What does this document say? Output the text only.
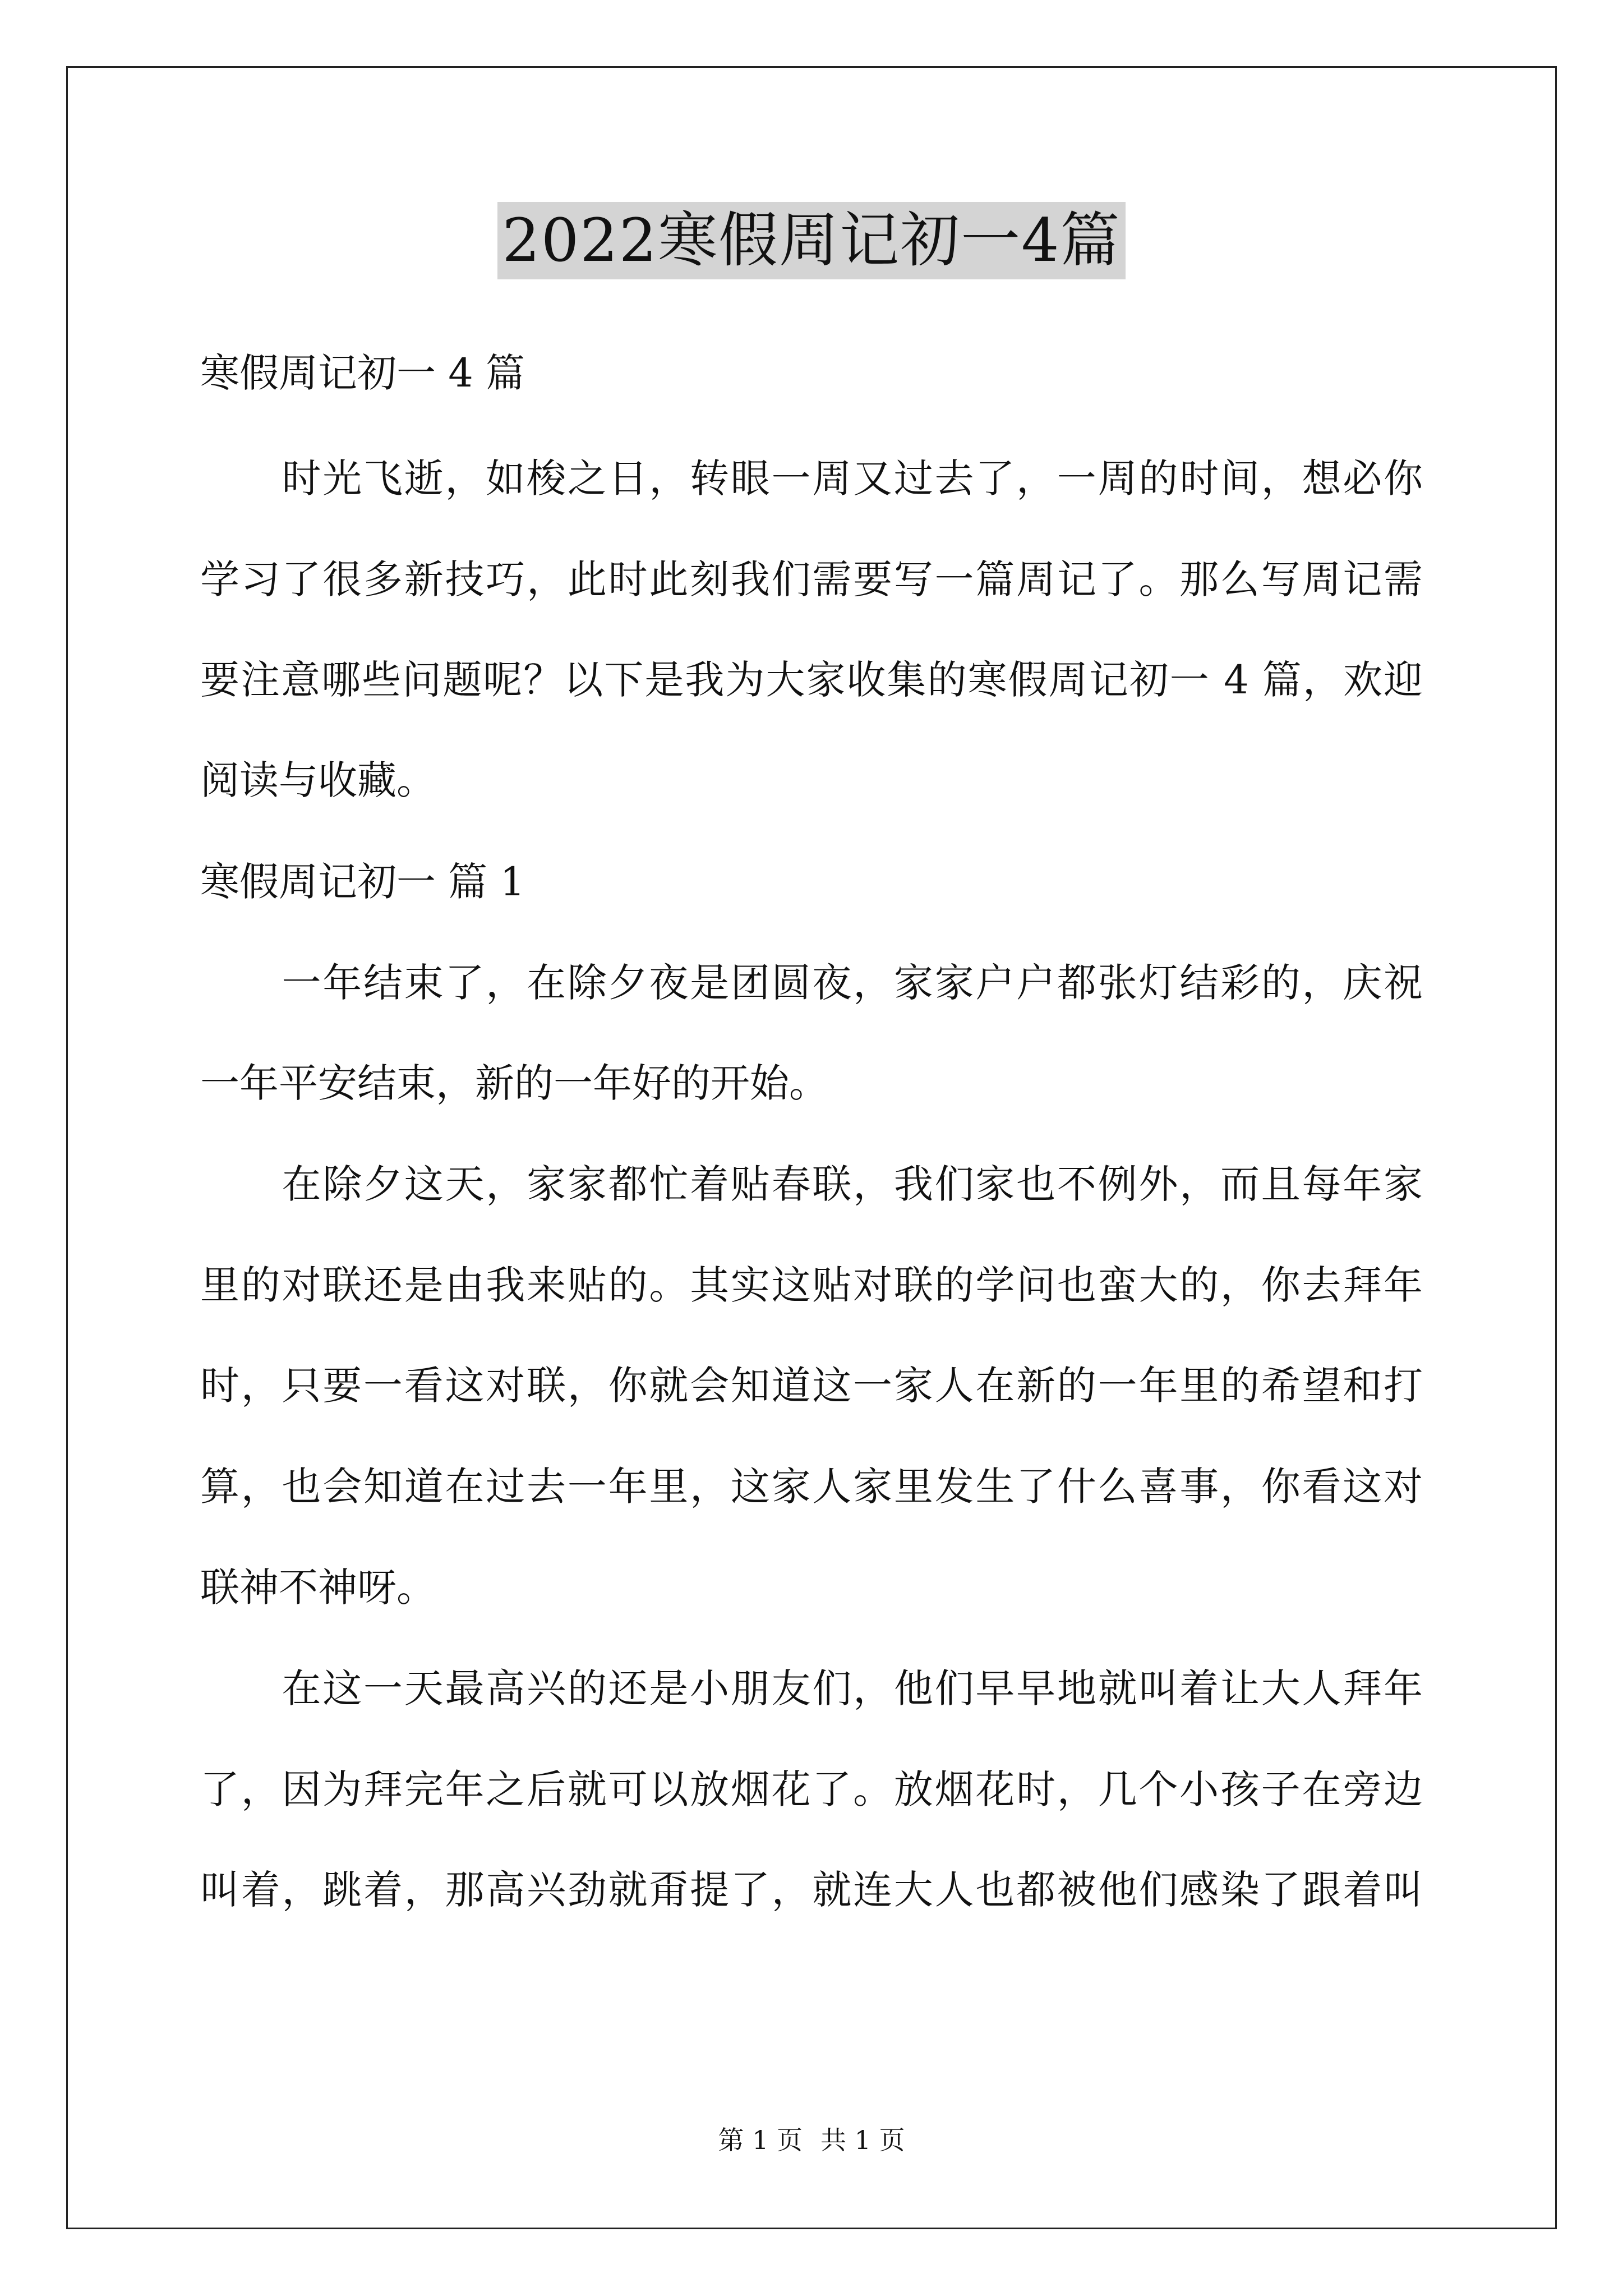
2022寒假周记初一4篇
寒假周记初一 4 篇
　　时光飞逝，如梭之日，转眼一周又过去了，一周的时间，想必你
学习了很多新技巧，此时此刻我们需要写一篇周记了。那么写周记需
要注意哪些问题呢？以下是我为大家收集的寒假周记初一 4 篇，欢迎
阅读与收藏。
寒假周记初一 篇 1
　　一年结束了，在除夕夜是团圆夜，家家户户都张灯结彩的，庆祝
一年平安结束，新的一年好的开始。
　　在除夕这天，家家都忙着贴春联，我们家也不例外，而且每年家
里的对联还是由我来贴的。其实这贴对联的学问也蛮大的，你去拜年
时，只要一看这对联，你就会知道这一家人在新的一年里的希望和打
算，也会知道在过去一年里，这家人家里发生了什么喜事，你看这对
联神不神呀。
　　在这一天最高兴的还是小朋友们，他们早早地就叫着让大人拜年
了，因为拜完年之后就可以放烟花了。放烟花时，几个小孩子在旁边
叫着，跳着，那高兴劲就甭提了，就连大人也都被他们感染了跟着叫
第 1 页 共 1 页
